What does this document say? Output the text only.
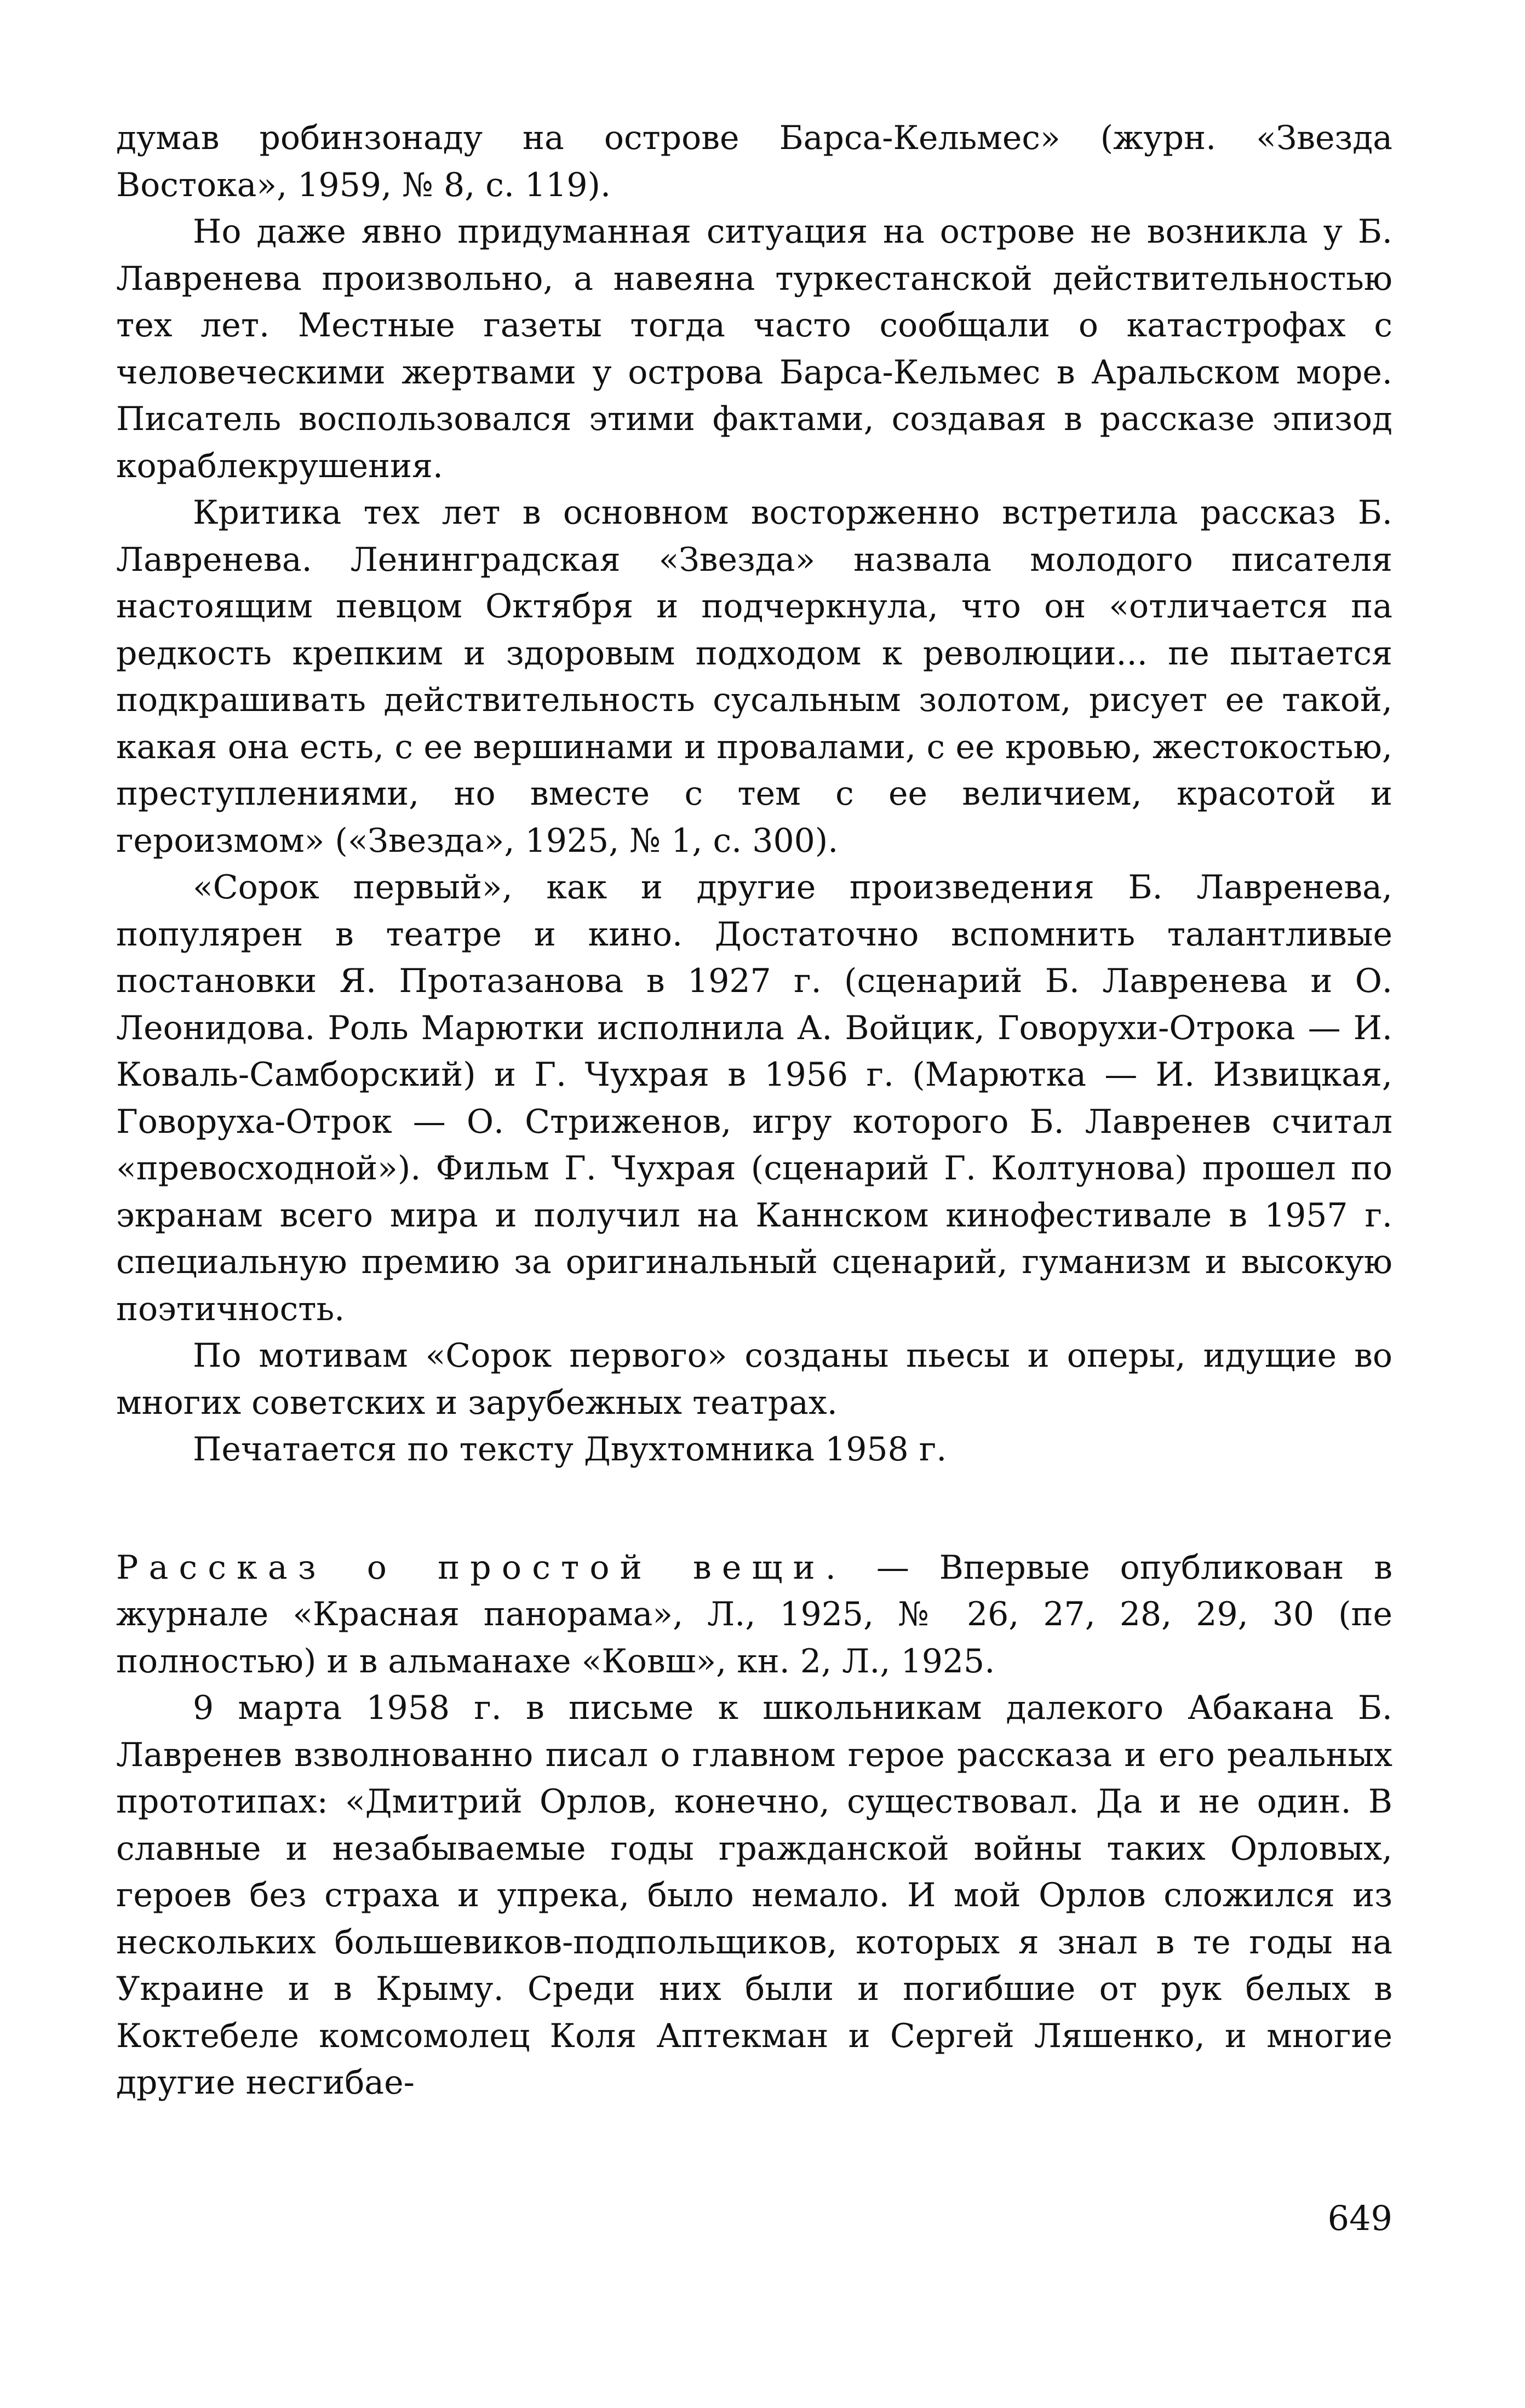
думав робинзонаду на острове Барса-Кельмес» (журн. «Звезда Востока», 1959, № 8, с. 119).

Но даже явно придуманная ситуация на острове не возникла у Б. Лавренева произвольно, а навеяна туркестанской действительностью тех лет. Местные газеты тогда часто сообщали о катастрофах с человеческими жертвами у острова Барса-Кельмес в Аральском море. Писатель воспользовался этими фактами, создавая в рассказе эпизод кораблекрушения.

Критика тех лет в основном восторженно встретила рассказ Б. Лавренева. Ленинградская «Звезда» назвала молодого писателя настоящим певцом Октября и подчеркнула, что он «отличается па редкость крепким и здоровым подходом к революции... пе пытается подкрашивать действительность сусальным золотом, рисует ее такой, какая она есть, с ее вершинами и провалами, с ее кровью, жестокостью, преступлениями, но вместе с тем с ее величием, красотой и героизмом» («Звезда», 1925, № 1, с. 300).

«Сорок первый», как и другие произведения Б. Лавренева, популярен в театре и кино. Достаточно вспомнить талантливые постановки Я. Протазанова в 1927 г. (сценарий Б. Лавренева и О. Леонидова. Роль Марютки исполнила А. Войцик, Говорухи-Отрока — И. Коваль-Самборский) и Г. Чухрая в 1956 г. (Марютка — И. Извицкая, Говоруха-Отрок — О. Стриженов, игру которого Б. Лавренев считал «превосходной»). Фильм Г. Чухрая (сценарий Г. Колтунова) прошел по экранам всего мира и получил на Каннском кинофестивале в 1957 г. специальную премию за оригинальный сценарий, гуманизм и высокую поэтичность.

По мотивам «Сорок первого» созданы пьесы и оперы, идущие во многих советских и зарубежных театрах.

Печатается по тексту Двухтомника 1958 г.

Рассказ о простой вещи. — Впервые опубликован в журнале «Красная панорама», Л., 1925, № 26, 27, 28, 29, 30 (пе полностью) и в альманахе «Ковш», кн. 2, Л., 1925.

9 марта 1958 г. в письме к школьникам далекого Абакана Б. Лавренев взволнованно писал о главном герое рассказа и его реальных прототипах: «Дмитрий Орлов, конечно, существовал. Да и не один. В славные и незабываемые годы гражданской войны таких Орловых, героев без страха и упрека, было немало. И мой Орлов сложился из нескольких большевиков-подпольщиков, которых я знал в те годы на Украине и в Крыму. Среди них были и погибшие от рук белых в Коктебеле комсомолец Коля Аптекман и Сергей Ляшенко, и многие другие несгибае-

649
